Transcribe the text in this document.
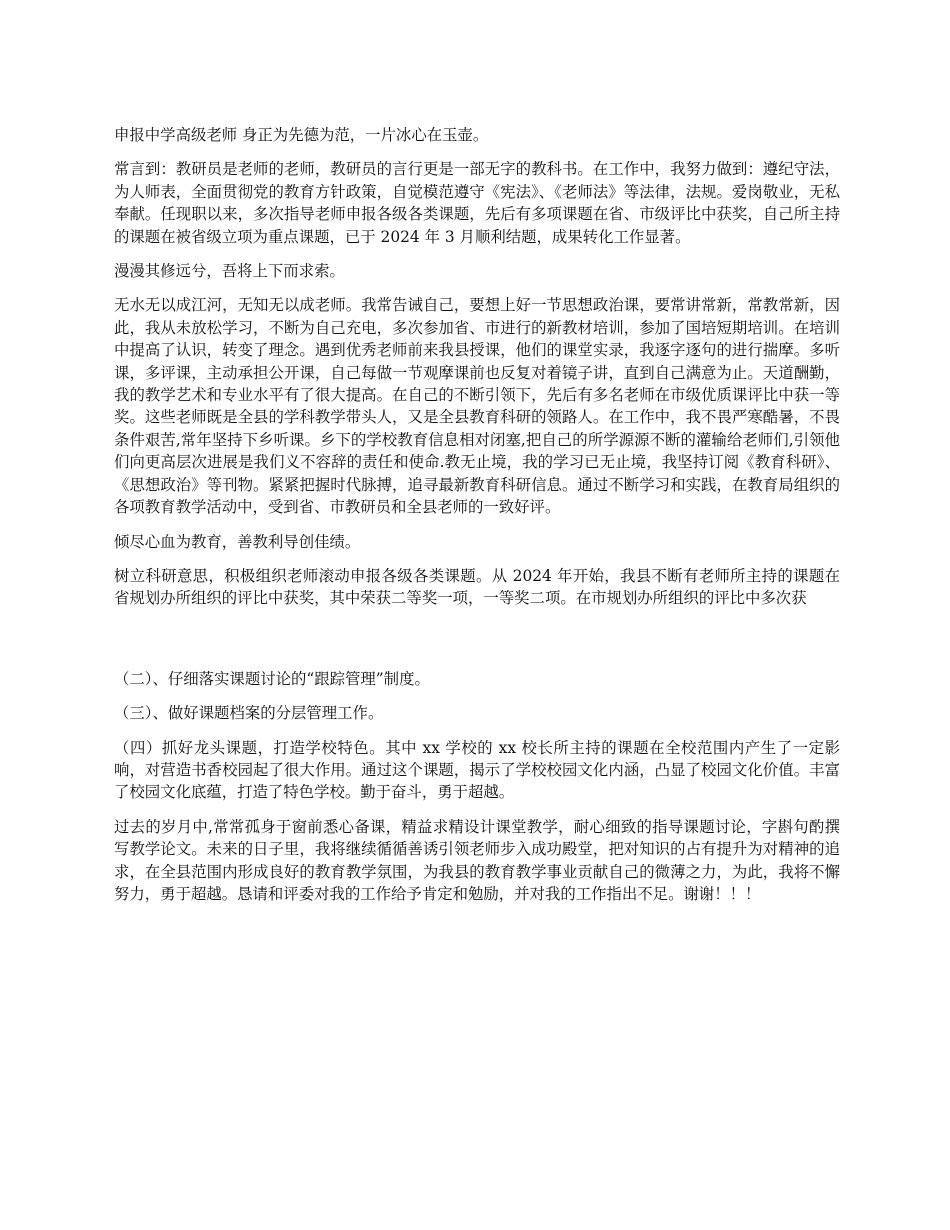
申报中学高级老师 身正为先德为范，一片冰心在玉壶。

常言到：教研员是老师的老师，教研员的言行更是一部无字的教科书。在工作中，我努力做到：遵纪守法，为人师表，全面贯彻党的教育方针政策，自觉模范遵守《宪法》、《老师法》等法律，法规。爱岗敬业，无私奉献。任现职以来，多次指导老师申报各级各类课题，先后有多项课题在省、市级评比中获奖，自己所主持的课题在被省级立项为重点课题，已于 2024 年 3 月顺利结题，成果转化工作显著。

漫漫其修远兮，吾将上下而求索。

无水无以成江河，无知无以成老师。我常告诫自己，要想上好一节思想政治课，要常讲常新，常教常新，因此，我从未放松学习，不断为自己充电，多次参加省、市进行的新教材培训，参加了国培短期培训。在培训中提高了认识，转变了理念。遇到优秀老师前来我县授课，他们的课堂实录，我逐字逐句的进行揣摩。多听课，多评课，主动承担公开课，自己每做一节观摩课前也反复对着镜子讲，直到自己满意为止。天道酬勤，我的教学艺术和专业水平有了很大提高。在自己的不断引领下，先后有多名老师在市级优质课评比中获一等奖。这些老师既是全县的学科教学带头人，又是全县教育科研的领路人。在工作中，我不畏严寒酷暑，不畏条件艰苦,常年坚持下乡听课。乡下的学校教育信息相对闭塞,把自己的所学源源不断的灌输给老师们,引领他们向更高层次进展是我们义不容辞的责任和使命.教无止境，我的学习已无止境，我坚持订阅《教育科研》、《思想政治》等刊物。紧紧把握时代脉搏，追寻最新教育科研信息。通过不断学习和实践，在教育局组织的各项教育教学活动中，受到省、市教研员和全县老师的一致好评。

倾尽心血为教育，善教利导创佳绩。

树立科研意思，积极组织老师滚动申报各级各类课题。从 2024 年开始，我县不断有老师所主持的课题在省规划办所组织的评比中获奖，其中荣获二等奖一项，一等奖二项。在市规划办所组织的评比中多次获

（二）、仔细落实课题讨论的“跟踪管理”制度。

（三）、做好课题档案的分层管理工作。

（四）抓好龙头课题，打造学校特色。其中 xx 学校的 xx 校长所主持的课题在全校范围内产生了一定影响，对营造书香校园起了很大作用。通过这个课题，揭示了学校校园文化内涵，凸显了校园文化价值。丰富了校园文化底蕴，打造了特色学校。勤于奋斗，勇于超越。

过去的岁月中,常常孤身于窗前悉心备课，精益求精设计课堂教学，耐心细致的指导课题讨论，字斟句酌撰写教学论文。未来的日子里，我将继续循循善诱引领老师步入成功殿堂，把对知识的占有提升为对精神的追求，在全县范围内形成良好的教育教学氛围，为我县的教育教学事业贡献自己的微薄之力，为此，我将不懈努力，勇于超越。恳请和评委对我的工作给予肯定和勉励，并对我的工作指出不足。谢谢！！！
